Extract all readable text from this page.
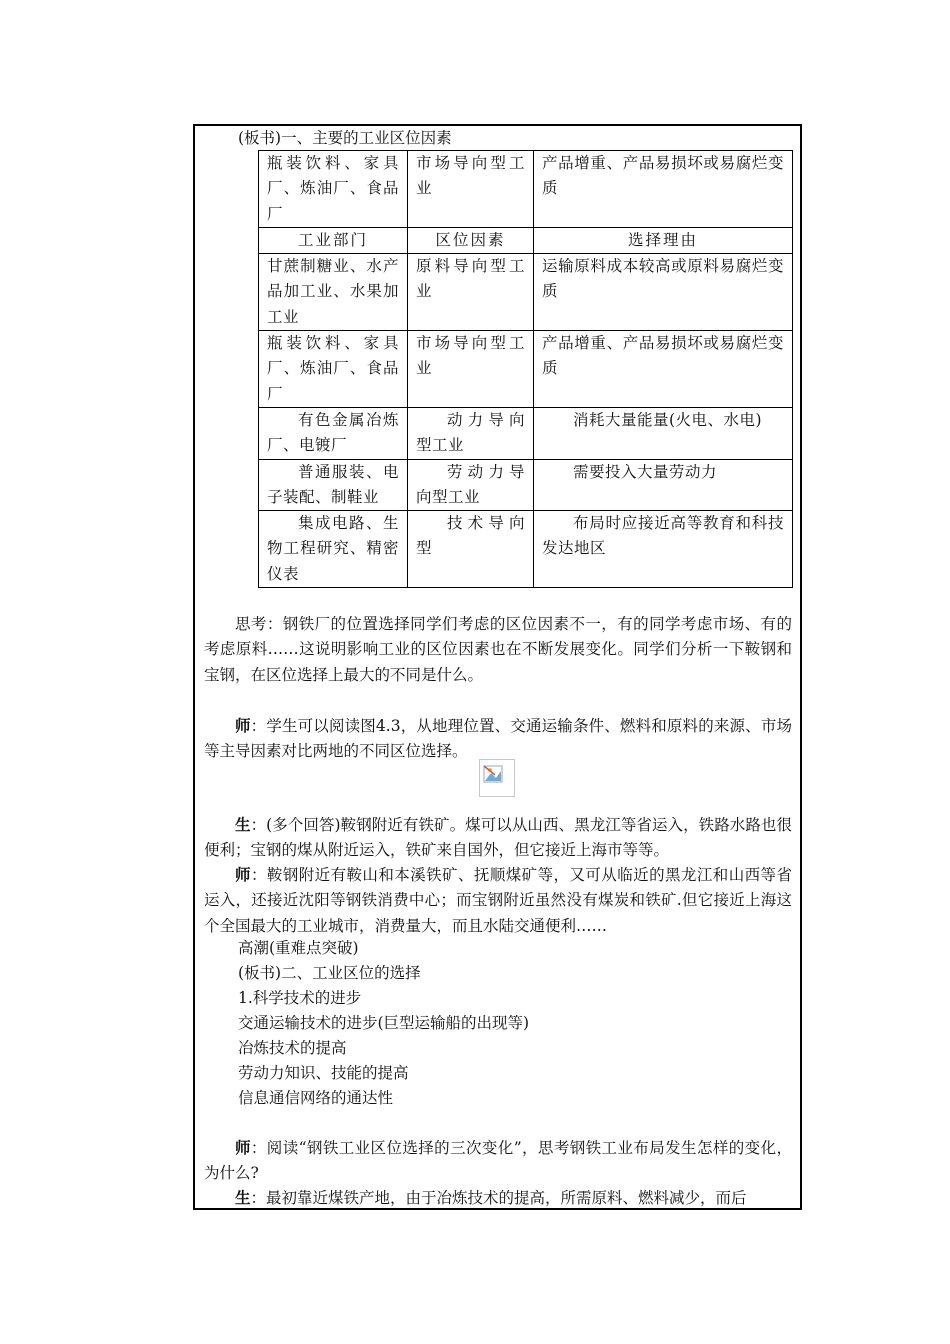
(板书)一、主要的工业区位因素
瓶装饮料、家具厂、炼油厂、食品厂	市场导向型工业	产品增重、产品易损坏或易腐烂变质
工业部门	区位因素	选择理由
甘蔗制糖业、水产品加工业、水果加工业	原料导向型工业	运输原料成本较高或原料易腐烂变质
瓶装饮料、家具厂、炼油厂、食品厂	市场导向型工业	产品增重、产品易损坏或易腐烂变质
有色金属冶炼厂、电镀厂	动力导向型工业	消耗大量能量(火电、水电)
普通服装、电子装配、制鞋业	劳动力导向型工业	需要投入大量劳动力
集成电路、生物工程研究、精密仪表	技术导向型	布局时应接近高等教育和科技发达地区
思考：钢铁厂的位置选择同学们考虑的区位因素不一，有的同学考虑市场、有的考虑原料……这说明影响工业的区位因素也在不断发展变化。同学们分析一下鞍钢和宝钢，在区位选择上最大的不同是什么。
师：学生可以阅读图4.3，从地理位置、交通运输条件、燃料和原料的来源、市场等主导因素对比两地的不同区位选择。
生：(多个回答)鞍钢附近有铁矿。煤可以从山西、黑龙江等省运入，铁路水路也很便利；宝钢的煤从附近运入，铁矿来自国外，但它接近上海市等等。
师：鞍钢附近有鞍山和本溪铁矿、抚顺煤矿等，又可从临近的黑龙江和山西等省运入，还接近沈阳等钢铁消费中心；而宝钢附近虽然没有煤炭和铁矿.但它接近上海这个全国最大的工业城市，消费量大，而且水陆交通便利……
高潮(重难点突破)
(板书)二、工业区位的选择
1.科学技术的进步
交通运输技术的进步(巨型运输船的出现等)
冶炼技术的提高
劳动力知识、技能的提高
信息通信网络的通达性
师：阅读“钢铁工业区位选择的三次变化”，思考钢铁工业布局发生怎样的变化，为什么?
生：最初靠近煤铁产地，由于冶炼技术的提高，所需原料、燃料减少，而后
